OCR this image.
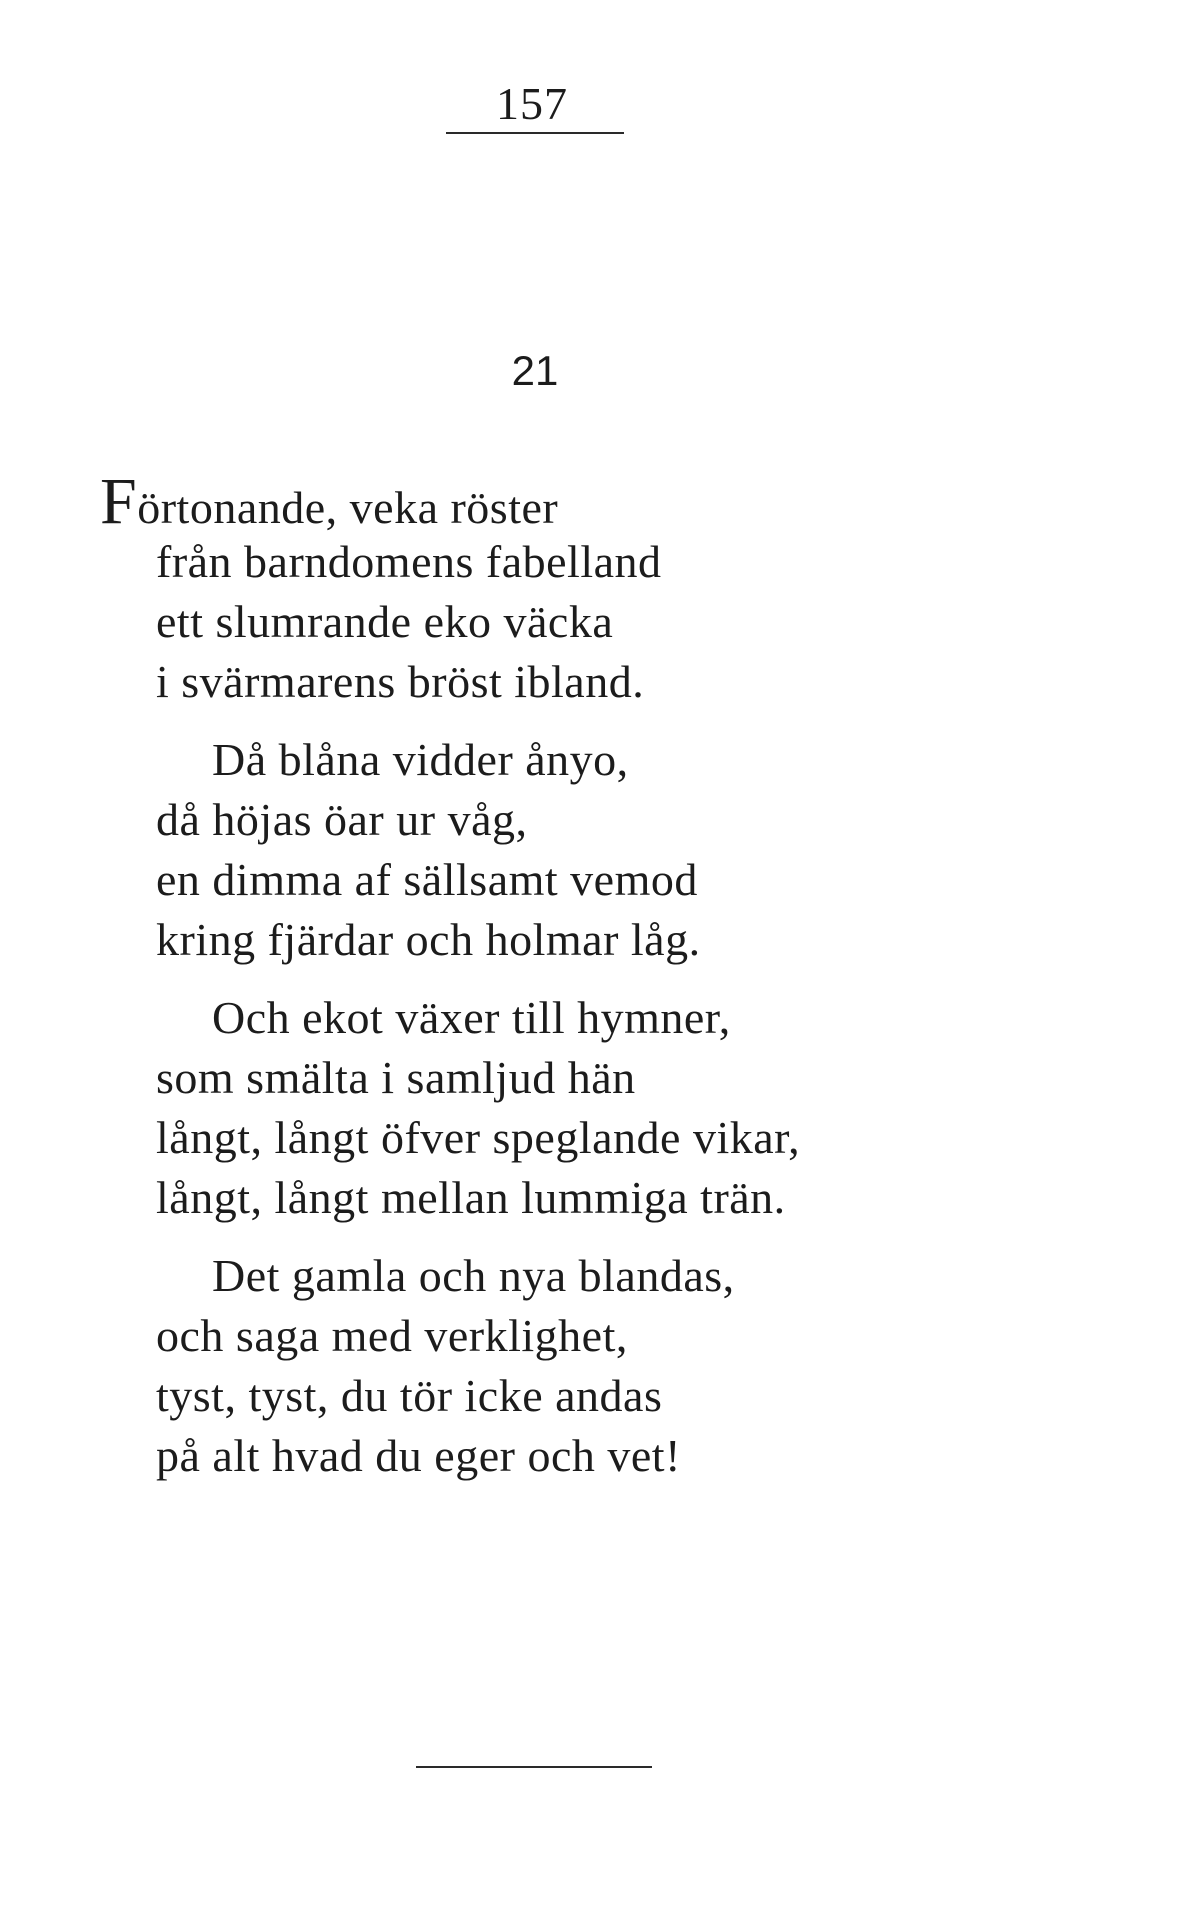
157
21
Förtonande, veka röster
från barndomens fabelland
ett slumrande eko väcka
i svärmarens bröst ibland.
Då blåna vidder ånyo,
då höjas öar ur våg,
en dimma af sällsamt vemod
kring fjärdar och holmar låg.
Och ekot växer till hymner,
som smälta i samljud hän
långt, långt öfver speglande vikar,
långt, långt mellan lummiga trän.
Det gamla och nya blandas,
och saga med verklighet,
tyst, tyst, du tör icke andas
på alt hvad du eger och vet!
